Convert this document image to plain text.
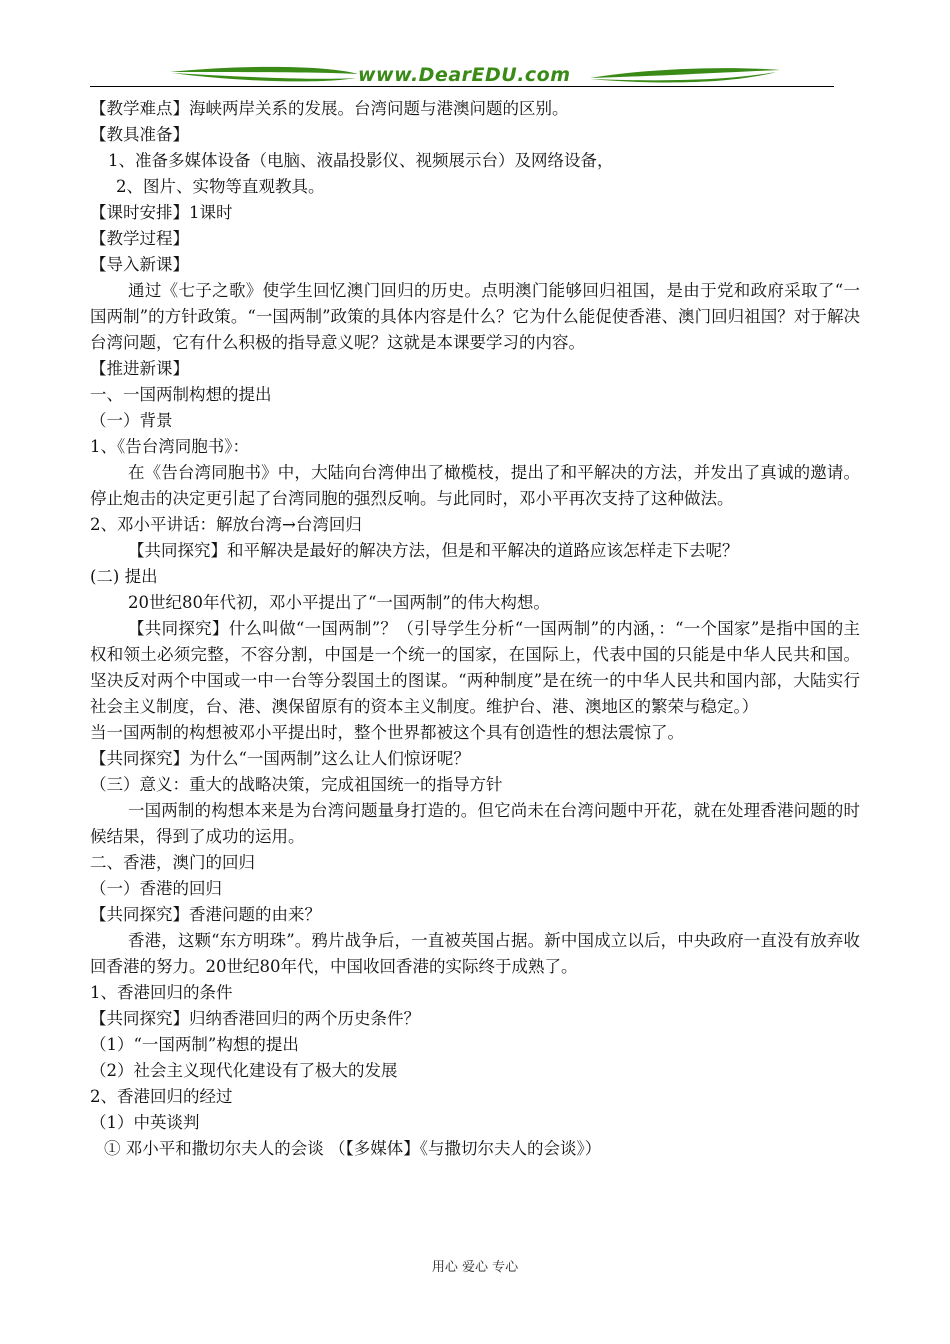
www.DearEDU.com
【教学难点】海峡两岸关系的发展。台湾问题与港澳问题的区别。
【教具准备】
1、准备多媒体设备（电脑、液晶投影仪、视频展示台）及网络设备，
2、图片、实物等直观教具。
【课时安排】1课时
【教学过程】
【导入新课】
通过《七子之歌》使学生回忆澳门回归的历史。点明澳门能够回归祖国，是由于党和政府采取了“一国两制”的方针政策。“一国两制”政策的具体内容是什么？它为什么能促使香港、澳门回归祖国？对于解决台湾问题，它有什么积极的指导意义呢？这就是本课要学习的内容。
【推进新课】
一、一国两制构想的提出
（一）背景
1、《告台湾同胞书》：
在《告台湾同胞书》中，大陆向台湾伸出了橄榄枝，提出了和平解决的方法，并发出了真诚的邀请。停止炮击的决定更引起了台湾同胞的强烈反响。与此同时，邓小平再次支持了这种做法。
2、邓小平讲话：解放台湾→台湾回归
【共同探究】和平解决是最好的解决方法，但是和平解决的道路应该怎样走下去呢？
(二) 提出
20世纪80年代初，邓小平提出了“一国两制”的伟大构想。
【共同探究】什么叫做“一国两制”？（引导学生分析“一国两制”的内涵，：“一个国家”是指中国的主权和领土必须完整，不容分割，中国是一个统一的国家，在国际上，代表中国的只能是中华人民共和国。坚决反对两个中国或一中一台等分裂国土的图谋。“两种制度”是在统一的中华人民共和国内部，大陆实行社会主义制度，台、港、澳保留原有的资本主义制度。维护台、港、澳地区的繁荣与稳定。）
当一国两制的构想被邓小平提出时，整个世界都被这个具有创造性的想法震惊了。
【共同探究】为什么“一国两制”这么让人们惊讶呢？
（三）意义：重大的战略决策，完成祖国统一的指导方针
一国两制的构想本来是为台湾问题量身打造的。但它尚未在台湾问题中开花，就在处理香港问题的时候结果，得到了成功的运用。
二、香港，澳门的回归
（一）香港的回归
【共同探究】香港问题的由来？
香港，这颗“东方明珠”。鸦片战争后，一直被英国占据。新中国成立以后，中央政府一直没有放弃收回香港的努力。20世纪80年代，中国收回香港的实际终于成熟了。
1、香港回归的条件
【共同探究】归纳香港回归的两个历史条件？
（1）“一国两制”构想的提出
（2）社会主义现代化建设有了极大的发展
2、香港回归的经过
（1）中英谈判
① 邓小平和撒切尔夫人的会谈 （【多媒体】《与撒切尔夫人的会谈》）
用心 爱心 专心
